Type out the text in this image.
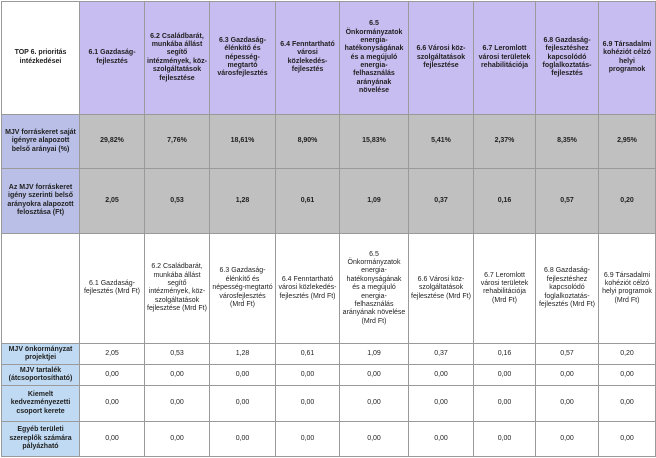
TOP 6. prioritás intézkedései	6.1 Gazdaság-fejlesztés	6.2 Családbarát, munkába állást segítő intézmények, köz-szolgáltatások fejlesztése	6.3 Gazdaság-élénkítő és népesség-megtartó városfejlesztés	6.4 Fenntartható városi közlekedés-fejlesztés	6.5 Önkormányzatok energia-hatékonyságának és a megújuló energia-felhasználás arányának növelése	6.6 Városi köz-szolgáltatások fejlesztése	6.7 Leromlott városi területek rehabilitációja	6.8 Gazdaság-fejlesztéshez kapcsolódó foglalkoztatás-fejlesztés	6.9 Társadalmi kohéziót célzó helyi programok
MJV forráskeret saját igényre alapozott belső arányai (%)	29,82%	7,76%	18,61%	8,90%	15,83%	5,41%	2,37%	8,35%	2,95%
Az MJV forráskeret igény szerinti belső arányokra alapozott felosztása (Ft)	2,05	0,53	1,28	0,61	1,09	0,37	0,16	0,57	0,20
	6.1 Gazdaság-fejlesztés (Mrd Ft)	6.2 Családbarát, munkába állást segítő intézmények, köz-szolgáltatások fejlesztése (Mrd Ft)	6.3 Gazdaság-élénkítő és népesség-megtartó városfejlesztés (Mrd Ft)	6.4 Fenntartható városi közlekedés-fejlesztés (Mrd Ft)	6.5 Önkormányzatok energia-hatékonyságának és a megújuló energia-felhasználás arányának növelése (Mrd Ft)	6.6 Városi köz-szolgáltatások fejlesztése (Mrd Ft)	6.7 Leromlott városi területek rehabilitációja (Mrd Ft)	6.8 Gazdaság-fejlesztéshez kapcsolódó foglalkoztatás-fejlesztés (Mrd Ft)	6.9 Társadalmi kohéziót célzó helyi programok (Mrd Ft)
MJV önkormányzat projektjei	2,05	0,53	1,28	0,61	1,09	0,37	0,16	0,57	0,20
MJV tartalék (átcsoportosítható)	0,00	0,00	0,00	0,00	0,00	0,00	0,00	0,00	0,00
Kiemelt kedvezményezetti csoport kerete	0,00	0,00	0,00	0,00	0,00	0,00	0,00	0,00	0,00
Egyéb területi szereplők számára pályázható	0,00	0,00	0,00	0,00	0,00	0,00	0,00	0,00	0,00
